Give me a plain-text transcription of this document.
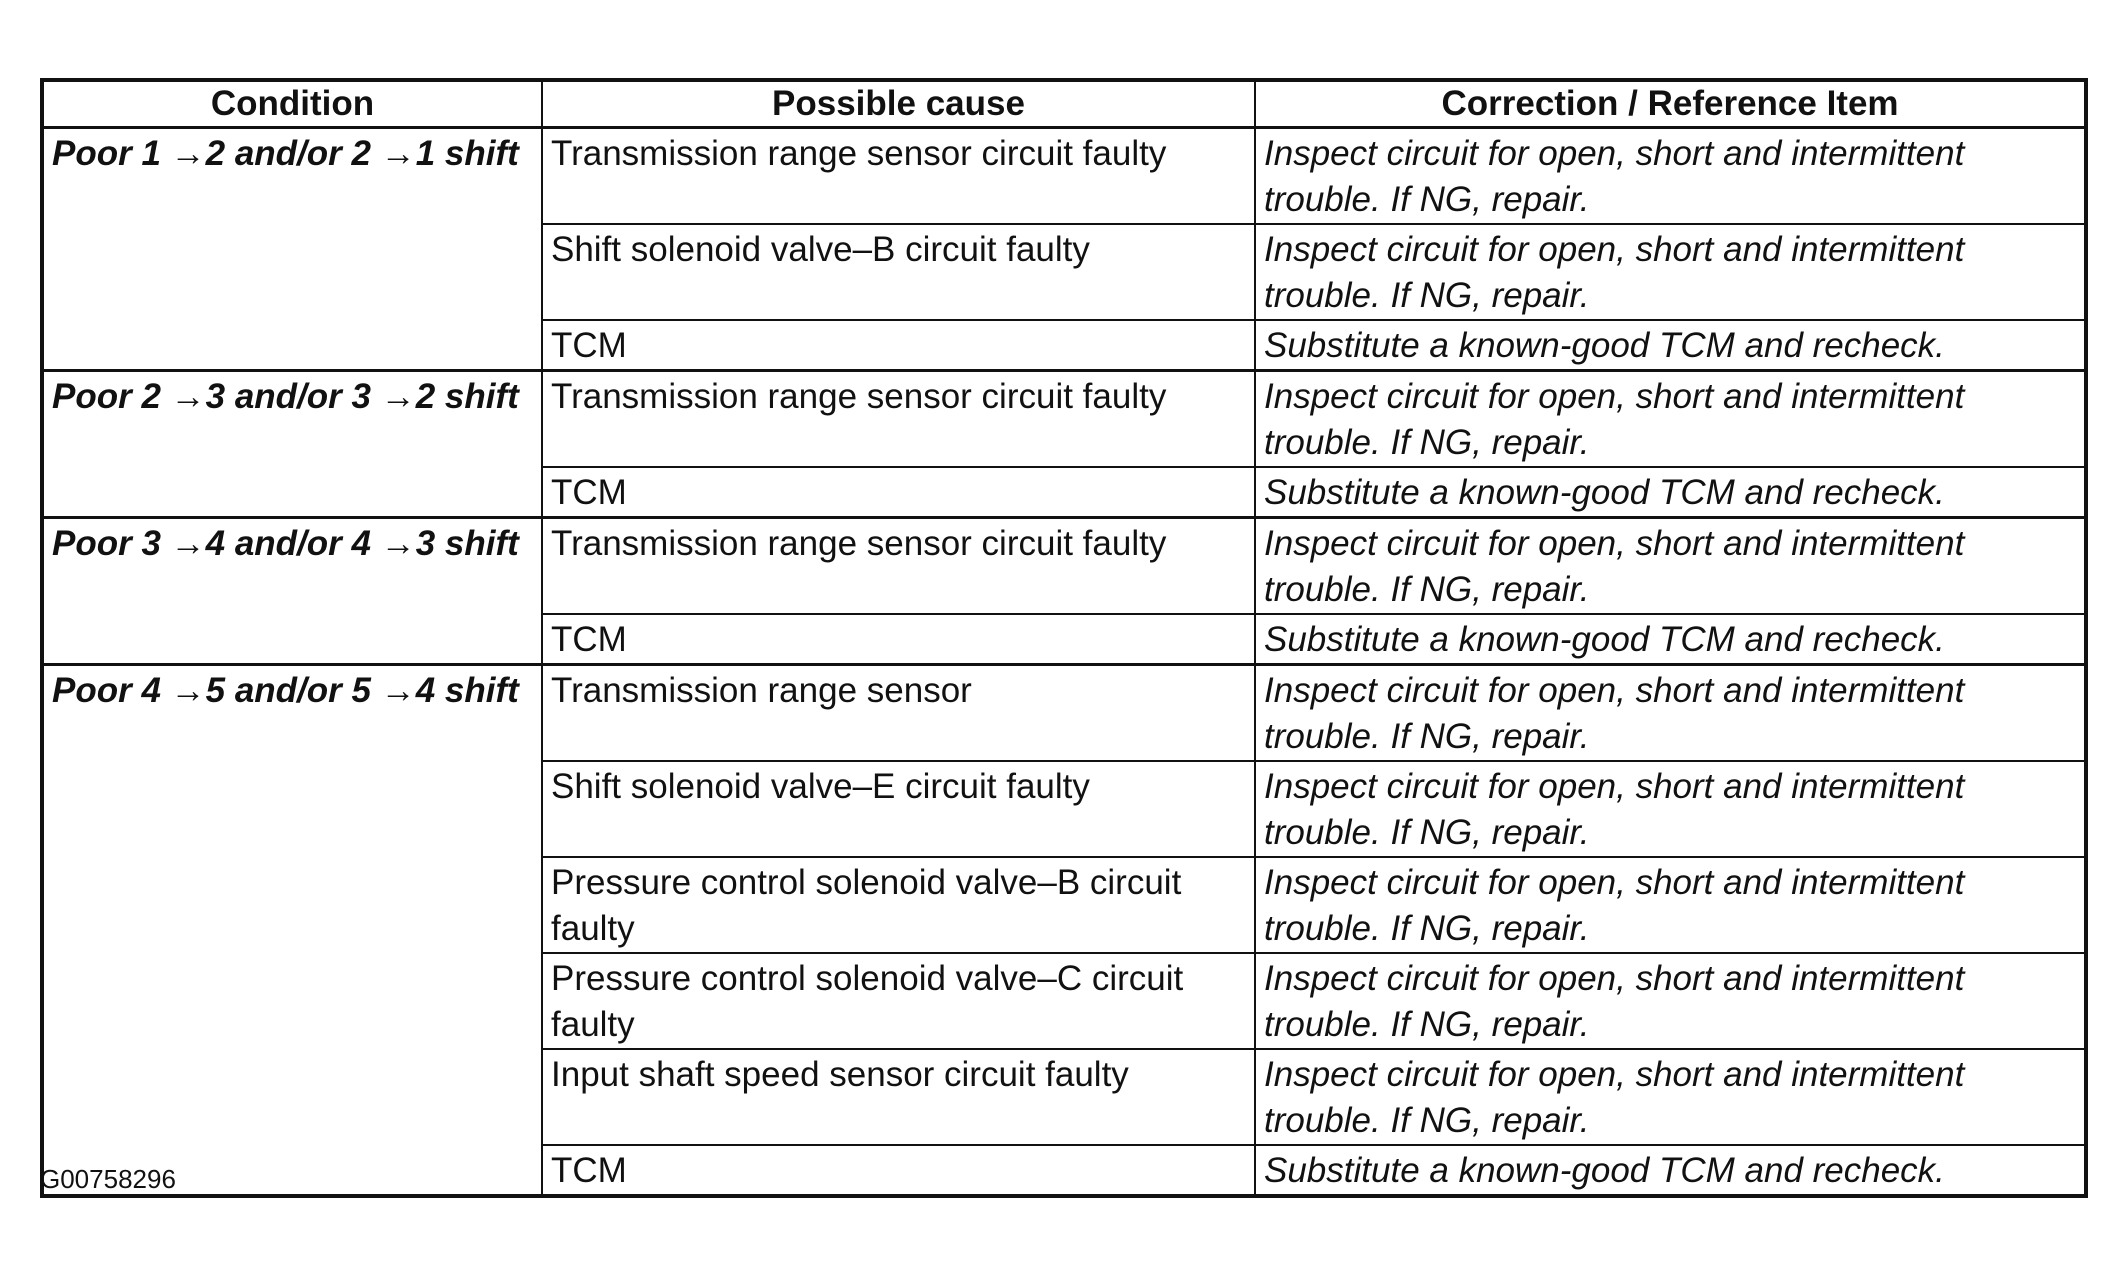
Condition	Possible cause	Correction / Reference Item
Poor 1 →2 and/or 2 →1 shift	Transmission range sensor circuit faulty	Inspect circuit for open, short and intermittent trouble. If NG, repair.
	Shift solenoid valve–B circuit faulty	Inspect circuit for open, short and intermittent trouble. If NG, repair.
	TCM	Substitute a known-good TCM and recheck.
Poor 2 →3 and/or 3 →2 shift	Transmission range sensor circuit faulty	Inspect circuit for open, short and intermittent trouble. If NG, repair.
	TCM	Substitute a known-good TCM and recheck.
Poor 3 →4 and/or 4 →3 shift	Transmission range sensor circuit faulty	Inspect circuit for open, short and intermittent trouble. If NG, repair.
	TCM	Substitute a known-good TCM and recheck.
Poor 4 →5 and/or 5 →4 shift	Transmission range sensor	Inspect circuit for open, short and intermittent trouble. If NG, repair.
	Shift solenoid valve–E circuit faulty	Inspect circuit for open, short and intermittent trouble. If NG, repair.
	Pressure control solenoid valve–B circuit faulty	Inspect circuit for open, short and intermittent trouble. If NG, repair.
	Pressure control solenoid valve–C circuit faulty	Inspect circuit for open, short and intermittent trouble. If NG, repair.
	Input shaft speed sensor circuit faulty	Inspect circuit for open, short and intermittent trouble. If NG, repair.
	TCM	Substitute a known-good TCM and recheck.
G00758296
